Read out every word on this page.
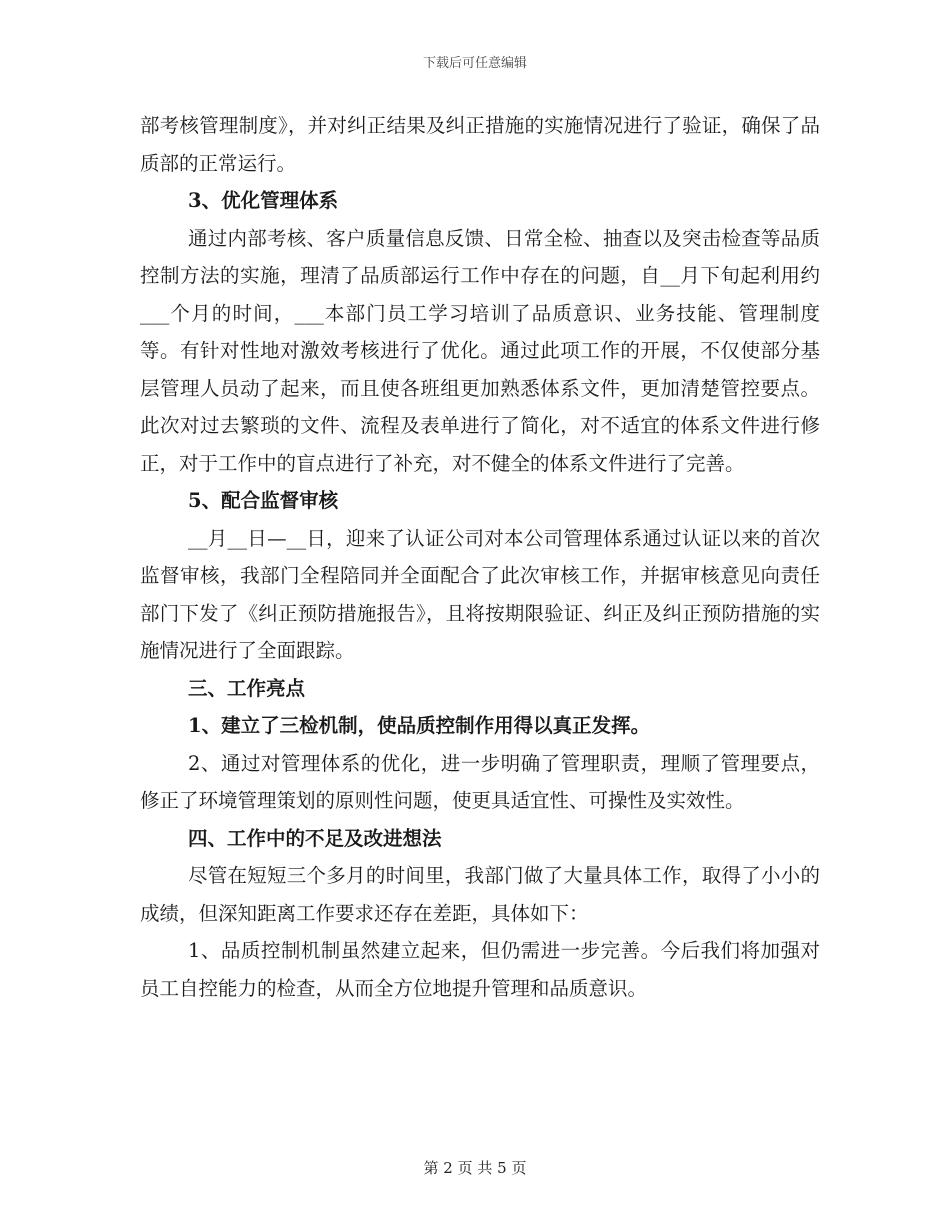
下载后可任意编辑

部考核管理制度》，并对纠正结果及纠正措施的实施情况进行了验证，确保了品质部的正常运行。

3、优化管理体系

通过内部考核、客户质量信息反馈、日常全检、抽查以及突击检查等品质控制方法的实施，理清了品质部运行工作中存在的问题，自__月下旬起利用约___个月的时间，___本部门员工学习培训了品质意识、业务技能、管理制度等。有针对性地对激效考核进行了优化。通过此项工作的开展，不仅使部分基层管理人员动了起来，而且使各班组更加熟悉体系文件，更加清楚管控要点。此次对过去繁琐的文件、流程及表单进行了简化，对不适宜的体系文件进行修正，对于工作中的盲点进行了补充，对不健全的体系文件进行了完善。

5、配合监督审核

__月__日—__日，迎来了认证公司对本公司管理体系通过认证以来的首次监督审核，我部门全程陪同并全面配合了此次审核工作，并据审核意见向责任部门下发了《纠正预防措施报告》，且将按期限验证、纠正及纠正预防措施的实施情况进行了全面跟踪。

三、工作亮点

1、建立了三检机制，使品质控制作用得以真正发挥。

2、通过对管理体系的优化，进一步明确了管理职责，理顺了管理要点，修正了环境管理策划的原则性问题，使更具适宜性、可操性及实效性。

四、工作中的不足及改进想法

尽管在短短三个多月的时间里，我部门做了大量具体工作，取得了小小的成绩，但深知距离工作要求还存在差距，具体如下：

1、品质控制机制虽然建立起来，但仍需进一步完善。今后我们将加强对员工自控能力的检查，从而全方位地提升管理和品质意识。

第 2 页 共 5 页
